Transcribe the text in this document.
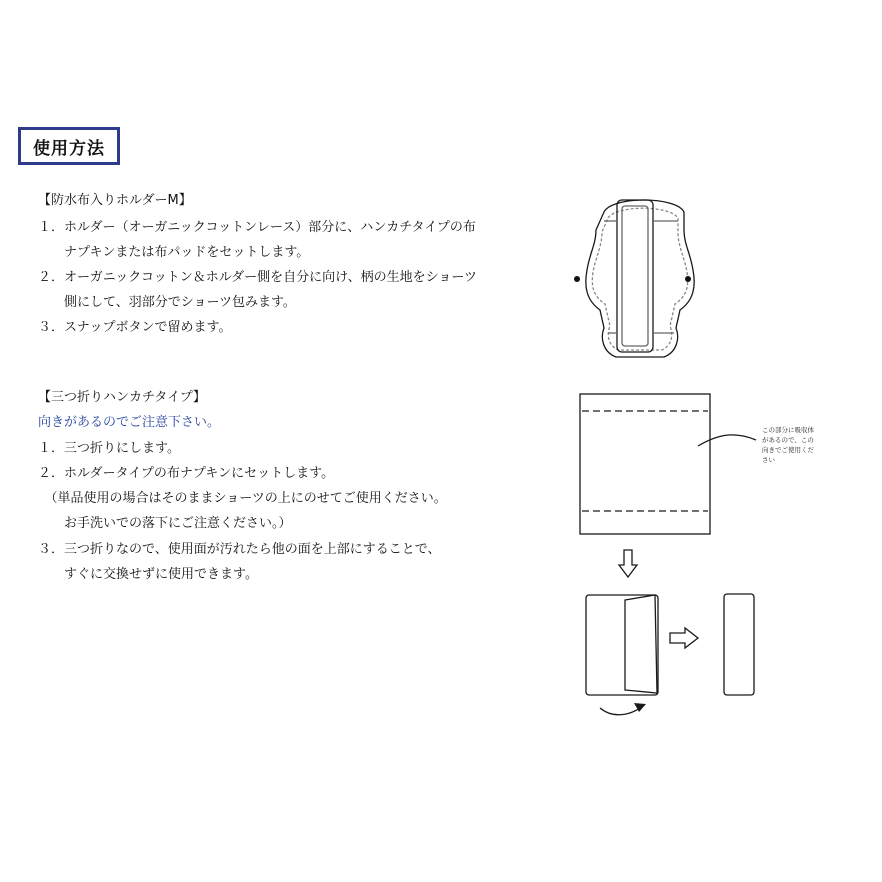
使用方法
【防水布入りホルダーM】
１．ホルダー（オーガニックコットンレース）部分に、ハンカチタイプの布
　　ナプキンまたは布パッドをセットします。
２．オーガニックコットン＆ホルダー側を自分に向け、柄の生地をショーツ
　　側にして、羽部分でショーツ包みます。
３．スナップボタンで留めます。
【三つ折りハンカチタイプ】
向きがあるのでご注意下さい。
１．三つ折りにします。
２．ホルダータイプの布ナプキンにセットします。
　（単品使用の場合はそのままショーツの上にのせてご使用ください。
　　お手洗いでの落下にご注意ください。）
３．三つ折りなので、使用面が汚れたら他の面を上部にすることで、
　　すぐに交換せずに使用できます。
この部分に吸収体
があるので、この
向きでご使用くだ
さい
